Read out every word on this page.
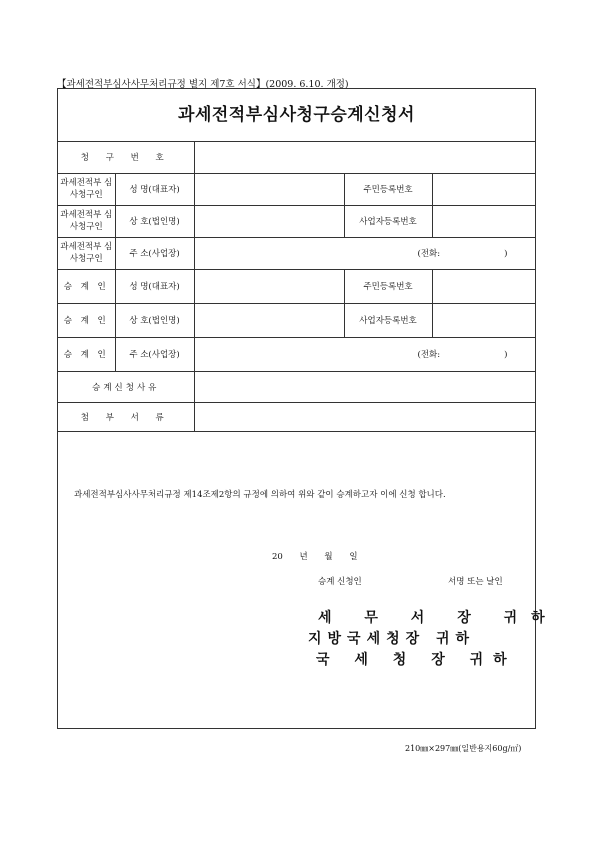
【과세전적부심사사무처리규정 별지 제7호 서식】(2009. 6.10. 개정)
과세전적부심사청구승계신청서
청 구 번 호				
과세전적부 심사청구인	성 명(대표자)		주민등록번호	
과세전적부 심사청구인	상 호(법인명)		사업자등록번호	
과세전적부 심사청구인	주 소(사업장)	(전화: )		
승 계 인	성 명(대표자)		주민등록번호	
승 계 인	상 호(법인명)		사업자등록번호	
승 계 인	주 소(사업장)	(전화: )		
승계신청사유				
첨 부 서 류				
과세전적부심사사무처리규정 제14조제2항의 규정에 의하여 위와 같이 승계하고자 이에 신청 합니다.
20 년 월 일
승계 신청인	서명 또는 날인
세 무 서 장 귀하
지방국세청장 귀하
국 세 청 장 귀하
210㎜×297㎜(일반용지60g/㎡)
